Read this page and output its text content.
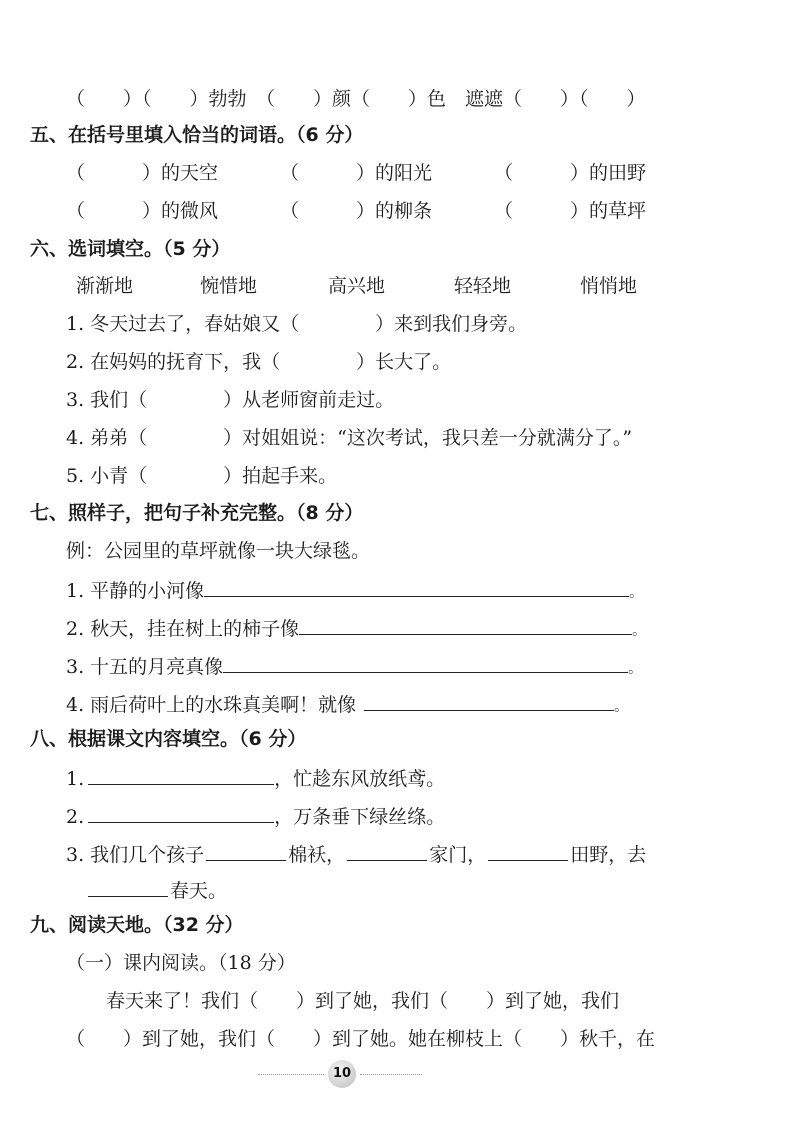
（　　）（　　）勃勃　（　　）颜（　　）色　遮遮（　　）（　　）
五、在括号里填入恰当的词语。（6 分）
（　　　）的天空	（　　　）的阳光	（　　　）的田野
（　　　）的微风	（　　　）的柳条	（　　　）的草坪
六、选词填空。（5 分）
渐渐地	惋惜地	高兴地	轻轻地	悄悄地
1. 冬天过去了，春姑娘又（　　　　）来到我们身旁。
2. 在妈妈的抚育下，我（　　　　）长大了。
3. 我们（　　　　）从老师窗前走过。
4. 弟弟（　　　　）对姐姐说：“这次考试，我只差一分就满分了。”
5. 小青（　　　　）拍起手来。
七、照样子，把句子补充完整。（8 分）
例：公园里的草坪就像一块大绿毯。
1. 平静的小河像	。
2. 秋天，挂在树上的柿子像	。
3. 十五的月亮真像	。
4. 雨后荷叶上的水珠真美啊！就像	。
八、根据课文内容填空。（6 分）
1.	，忙趁东风放纸鸢。
2.	，万条垂下绿丝绦。
3. 我们几个孩子	棉袄，	家门，	田野，去
春天。
九、阅读天地。（32 分）
（一）课内阅读。（18 分）
春天来了！我们（　　）到了她，我们（　　）到了她，我们
（　　）到了她，我们（　　）到了她。她在柳枝上（　　）秋千，在
10
